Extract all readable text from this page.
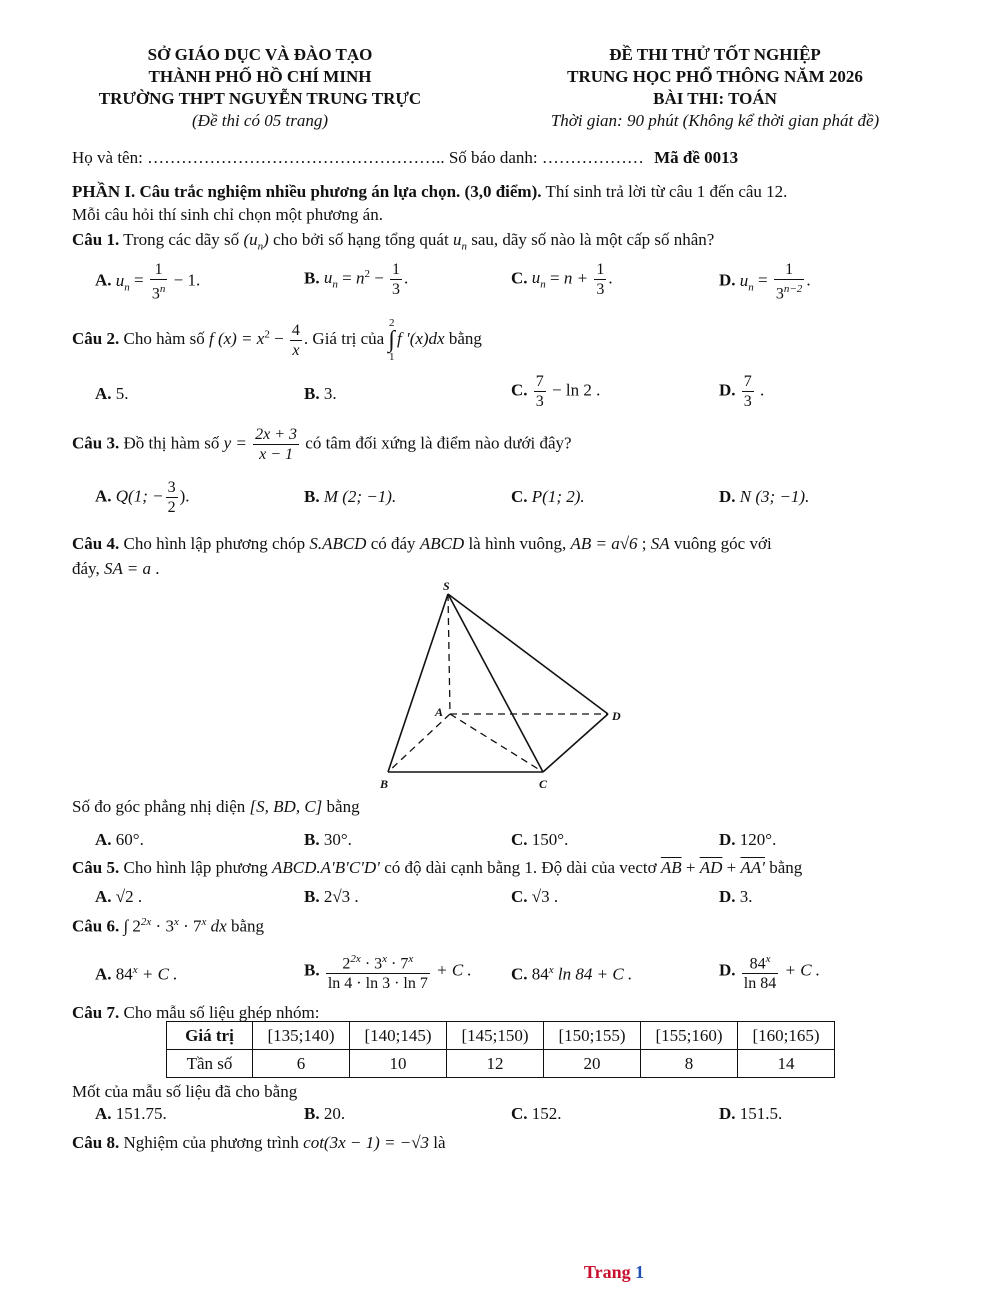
SỞ GIÁO DỤC VÀ ĐÀO TẠO
THÀNH PHỐ HỒ CHÍ MINH
TRƯỜNG THPT NGUYỄN TRUNG TRỰC
(Đề thi có 05 trang)
ĐỀ THI THỬ TỐT NGHIỆP
TRUNG HỌC PHỔ THÔNG NĂM 2026
BÀI THI: TOÁN
Thời gian: 90 phút (Không kể thời gian phát đề)
Họ và tên: …………………………………………….. Số báo danh: ……………… Mã đề 0013
PHẦN I. Câu trắc nghiệm nhiều phương án lựa chọn. (3,0 điểm). Thí sinh trả lời từ câu 1 đến câu 12.
Mỗi câu hỏi thí sinh chỉ chọn một phương án.
Câu 1. Trong các dãy số $(u_n)$ cho bởi số hạng tổng quát $u_n$ sau, dãy số nào là một cấp số nhân?
A. $u_n = \frac{1}{3^n} - 1$.	B. $u_n = n^2 - \frac{1}{3}$ .	C. $u_n = n + \frac{1}{3}$ .	D. $u_n = \frac{1}{3^{n-2}}$ .
Câu 2. Cho hàm số f $(x) = x^2 - \frac{4}{x}$ . Giá trị của
2
∫
1
f ′(x)dx bằng
A. 5.	B. 3.	C. $\frac{7}{3} - \ln 2$ .	D. $\frac{7}{3}$ .
Câu 3. Đồ thị hàm số $y = \frac{2x + 3}{x - 1}$ có tâm đối xứng là điểm nào dưới đây?
A. Q(1; − $\frac{3}{2}$ ).	B. M (2; −1).	C. P(1; 2).	D. N (3; −1).
Câu 4. Cho hình lập phương chóp S.ABCD có đáy ABCD là hình vuông, AB = a√6 ; SA vuông góc với
đáy, SA = a .
S
A
B	C
D
Số đo góc phẳng nhị diện [S, BD, C] bằng
A. 60°.	B. 30°.	C. 150°.	D. 120°.
Câu 5. Cho hình lập phương ABCD.A′B′C′D′ có độ dài cạnh bằng 1. Độ dài của vectơ $\overline{AB} + \overline{AD} + AA'$ bằng
A. √2 .	B. 2√3 .	C. √3 .	D. 3.
Câu 6. ∫ $2^{2x} \cdot 3^x \cdot 7^x$ dx bằng
A. $84^x + C$ .	B. $\frac{2^{2x} \cdot 3^x \cdot 7^x}{\ln 4 \cdot \ln 3 \cdot \ln 7} + C$ . C. 84$^x$ ln 84 + C .	D. $\frac{84^x}{\ln 84} + C$ .
Câu 7. Cho mẫu số liệu ghép nhóm:
Giá trị	[135;140)	[140;145)	[145;150)	[150;155)	[155;160)	[160;165)
Tần số	6	10	12	20	8	14
Mốt của mẫu số liệu đã cho bằng
A. 151.75.	B. 20.	C. 152.	D. 151.5.
Câu 8. Nghiệm của phương trình cot(3x − 1) = −√3 là
Trang 1
